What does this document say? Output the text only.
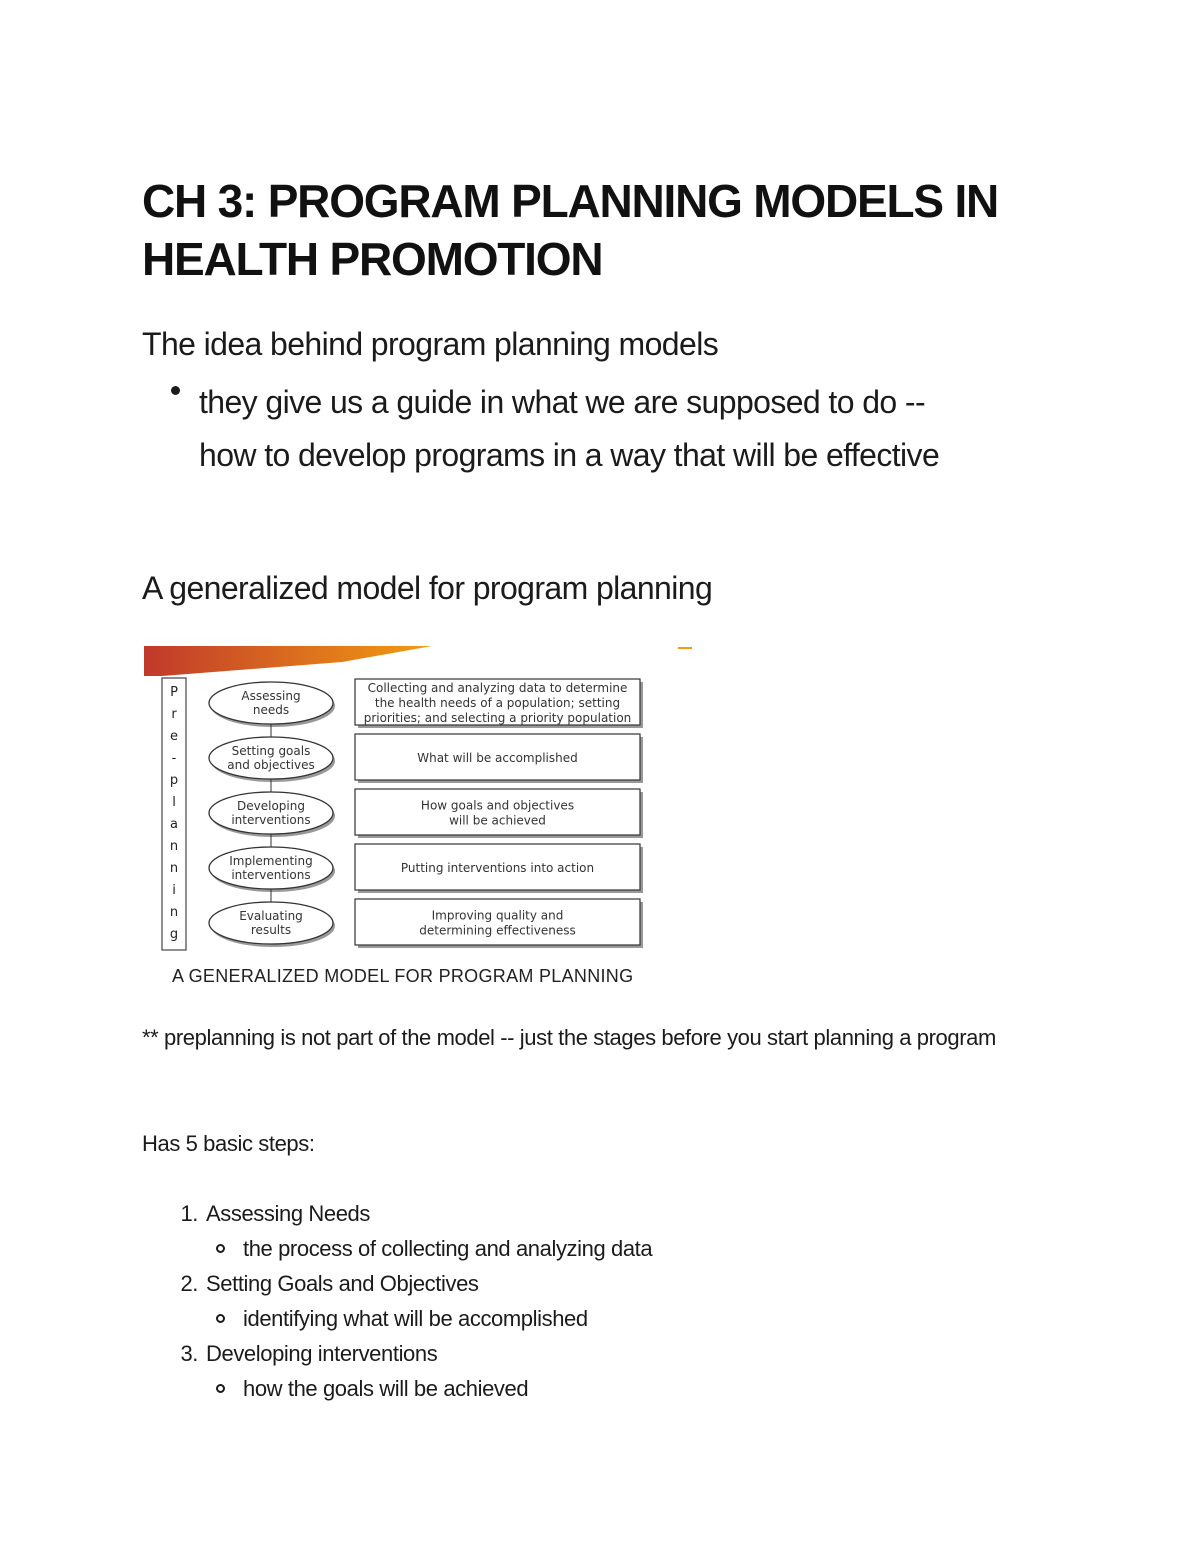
CH 3: PROGRAM PLANNING MODELS IN
HEALTH PROMOTION
The idea behind program planning models
they give us a guide in what we are supposed to do --
how to develop programs in a way that will be effective
A generalized model for program planning
P
r
e
-
p
l
a
n
n
i
n
g
Assessing
needs
Collecting and analyzing data to determine
the health needs of a population; setting
priorities; and selecting a priority population
Setting goals
and objectives	What will be accomplished
Developing
interventions
How goals and objectives
will be achieved
Implementing
interventions	Putting interventions into action
Evaluating
results
Improving quality and
determining effectiveness
A GENERALIZED MODEL FOR PROGRAM PLANNING

** preplanning is not part of the model -- just the stages before you start planning a program

Has 5 basic steps:

1. Assessing Needs
the process of collecting and analyzing data
2. Setting Goals and Objectives
identifying what will be accomplished
3. Developing interventions
how the goals will be achieved
